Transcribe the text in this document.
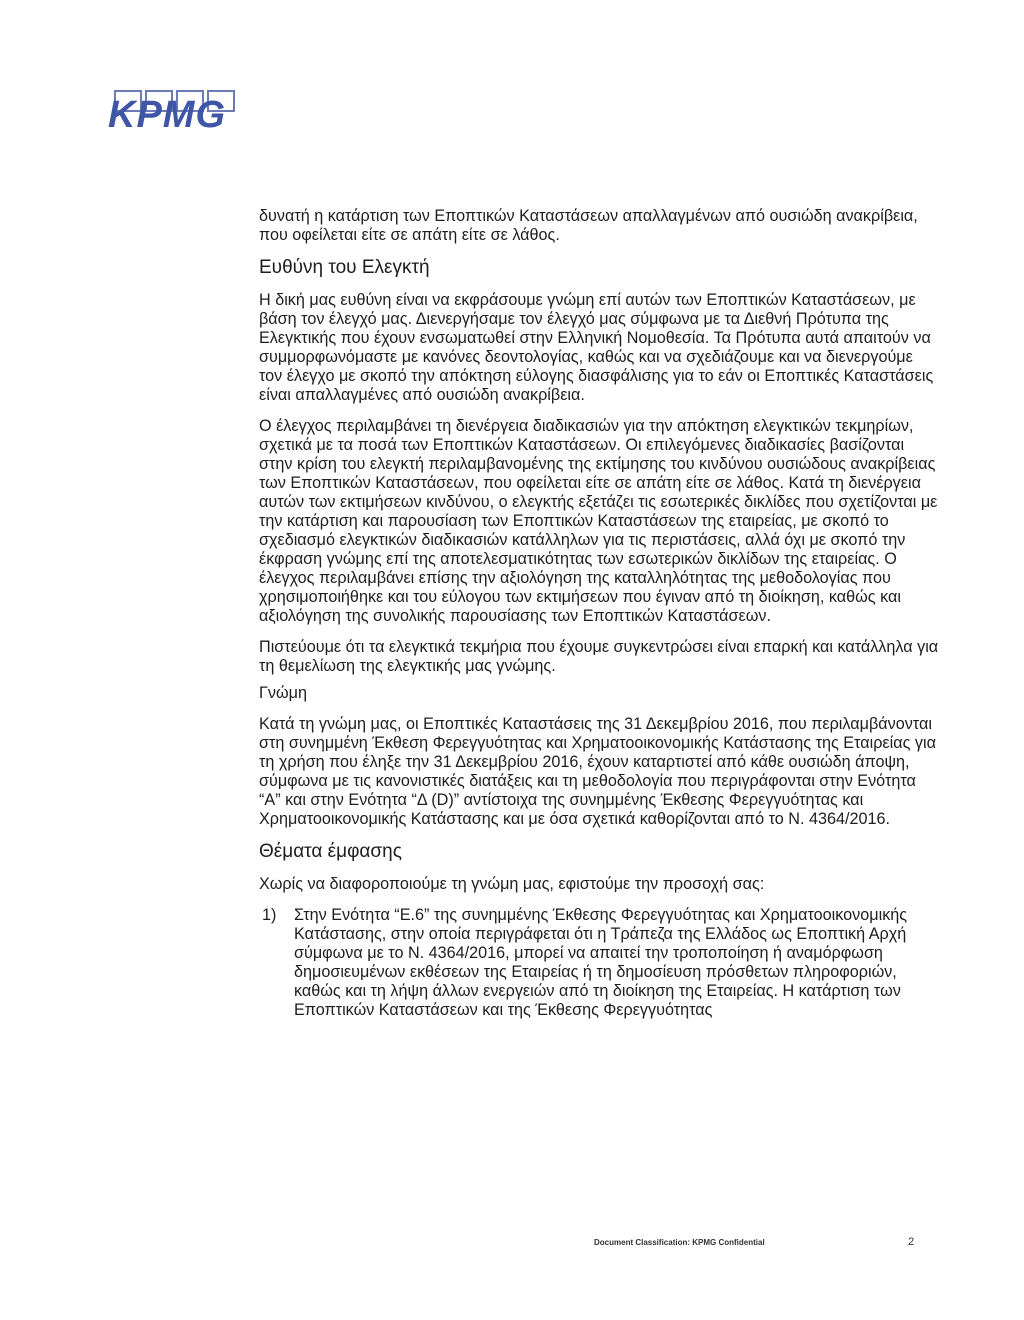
KPMG

δυνατή η κατάρτιση των Εποπτικών Καταστάσεων απαλλαγμένων από ουσιώδη ανακρίβεια, που οφείλεται είτε σε απάτη είτε σε λάθος.

Ευθύνη του Ελεγκτή

Η δική μας ευθύνη είναι να εκφράσουμε γνώμη επί αυτών των Εποπτικών Καταστάσεων, με βάση τον έλεγχό μας. Διενεργήσαμε τον έλεγχό μας σύμφωνα με τα Διεθνή Πρότυπα της Ελεγκτικής που έχουν ενσωματωθεί στην Ελληνική Νομοθεσία. Τα Πρότυπα αυτά απαιτούν να συμμορφωνόμαστε με κανόνες δεοντολογίας, καθώς και να σχεδιάζουμε και να διενεργούμε τον έλεγχο με σκοπό την απόκτηση εύλογης διασφάλισης για το εάν οι Εποπτικές Καταστάσεις είναι απαλλαγμένες από ουσιώδη ανακρίβεια.

Ο έλεγχος περιλαμβάνει τη διενέργεια διαδικασιών για την απόκτηση ελεγκτικών τεκμηρίων, σχετικά με τα ποσά των Εποπτικών Καταστάσεων. Οι επιλεγόμενες διαδικασίες βασίζονται στην κρίση του ελεγκτή περιλαμβανομένης της εκτίμησης του κινδύνου ουσιώδους ανακρίβειας των Εποπτικών Καταστάσεων, που οφείλεται είτε σε απάτη είτε σε λάθος. Κατά τη διενέργεια αυτών των εκτιμήσεων κινδύνου, ο ελεγκτής εξετάζει τις εσωτερικές δικλίδες που σχετίζονται με την κατάρτιση και παρουσίαση των Εποπτικών Καταστάσεων της εταιρείας, με σκοπό το σχεδιασμό ελεγκτικών διαδικασιών κατάλληλων για τις περιστάσεις, αλλά όχι με σκοπό την έκφραση γνώμης επί της αποτελεσματικότητας των εσωτερικών δικλίδων της εταιρείας. Ο έλεγχος περιλαμβάνει επίσης την αξιολόγηση της καταλληλότητας της μεθοδολογίας που χρησιμοποιήθηκε και του εύλογου των εκτιμήσεων που έγιναν από τη διοίκηση, καθώς και αξιολόγηση της συνολικής παρουσίασης των Εποπτικών Καταστάσεων.

Πιστεύουμε ότι τα ελεγκτικά τεκμήρια που έχουμε συγκεντρώσει είναι επαρκή και κατάλληλα για τη θεμελίωση της ελεγκτικής μας γνώμης.

Γνώμη

Κατά τη γνώμη μας, οι Εποπτικές Καταστάσεις της 31 Δεκεμβρίου 2016, που περιλαμβάνονται στη συνημμένη Έκθεση Φερεγγυότητας και Χρηματοοικονομικής Κατάστασης της Εταιρείας για τη χρήση που έληξε την 31 Δεκεμβρίου 2016, έχουν καταρτιστεί από κάθε ουσιώδη άποψη, σύμφωνα με τις κανονιστικές διατάξεις και τη μεθοδολογία που περιγράφονται στην Ενότητα “Α” και στην Ενότητα “Δ (D)” αντίστοιχα της συνημμένης Έκθεσης Φερεγγυότητας και Χρηματοοικονομικής Κατάστασης και με όσα σχετικά καθορίζονται από το Ν. 4364/2016.

Θέματα έμφασης

Χωρίς να διαφοροποιούμε τη γνώμη μας, εφιστούμε την προσοχή σας:

1)	Στην Ενότητα “Ε.6” της συνημμένης Έκθεσης Φερεγγυότητας και Χρηματοοικονομικής Κατάστασης, στην οποία περιγράφεται ότι η Τράπεζα της Ελλάδος ως Εποπτική Αρχή σύμφωνα με το Ν. 4364/2016, μπορεί να απαιτεί την τροποποίηση ή αναμόρφωση δημοσιευμένων εκθέσεων της Εταιρείας ή τη δημοσίευση πρόσθετων πληροφοριών, καθώς και τη λήψη άλλων ενεργειών από τη διοίκηση της Εταιρείας. Η κατάρτιση των Εποπτικών Καταστάσεων και της Έκθεσης Φερεγγυότητας
Document Classification: KPMG Confidential	2
